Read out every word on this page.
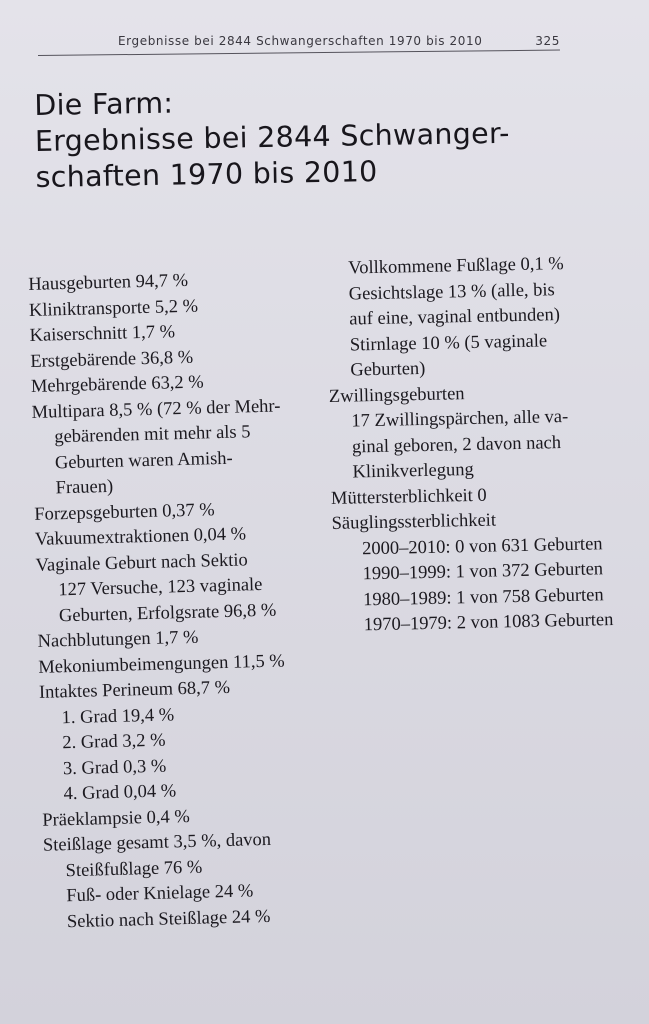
Ergebnisse bei 2844 Schwangerschaften 1970 bis 2010	325
Die Farm:
Ergebnisse bei 2844 Schwanger-
schaften 1970 bis 2010
Hausgeburten 94,7 %
Kliniktransporte 5,2 %
Kaiserschnitt 1,7 %
Erstgebärende 36,8 %
Mehrgebärende 63,2 %
Multipara 8,5 % (72 % der Mehr-
gebärenden mit mehr als 5
Geburten waren Amish-
Frauen)
Forzepsgeburten 0,37 %
Vakuumextraktionen 0,04 %
Vaginale Geburt nach Sektio
127 Versuche, 123 vaginale
Geburten, Erfolgsrate 96,8 %
Nachblutungen 1,7 %
Mekoniumbeimengungen 11,5 %
Intaktes Perineum 68,7 %
1. Grad 19,4 %
2. Grad 3,2 %
3. Grad 0,3 %
4. Grad 0,04 %
Präeklampsie 0,4 %
Steißlage gesamt 3,5 %, davon
Steißfußlage 76 %
Fuß- oder Knielage 24 %
Sektio nach Steißlage 24 %
Vollkommene Fußlage 0,1 %
Gesichtslage 13 % (alle, bis
auf eine, vaginal entbunden)
Stirnlage 10 % (5 vaginale
Geburten)
Zwillingsgeburten
17 Zwillingspärchen, alle va-
ginal geboren, 2 davon nach
Klinikverlegung
Müttersterblichkeit 0
Säuglingssterblichkeit
2000–2010: 0 von 631 Geburten
1990–1999: 1 von 372 Geburten
1980–1989: 1 von 758 Geburten
1970–1979: 2 von 1083 Geburten
